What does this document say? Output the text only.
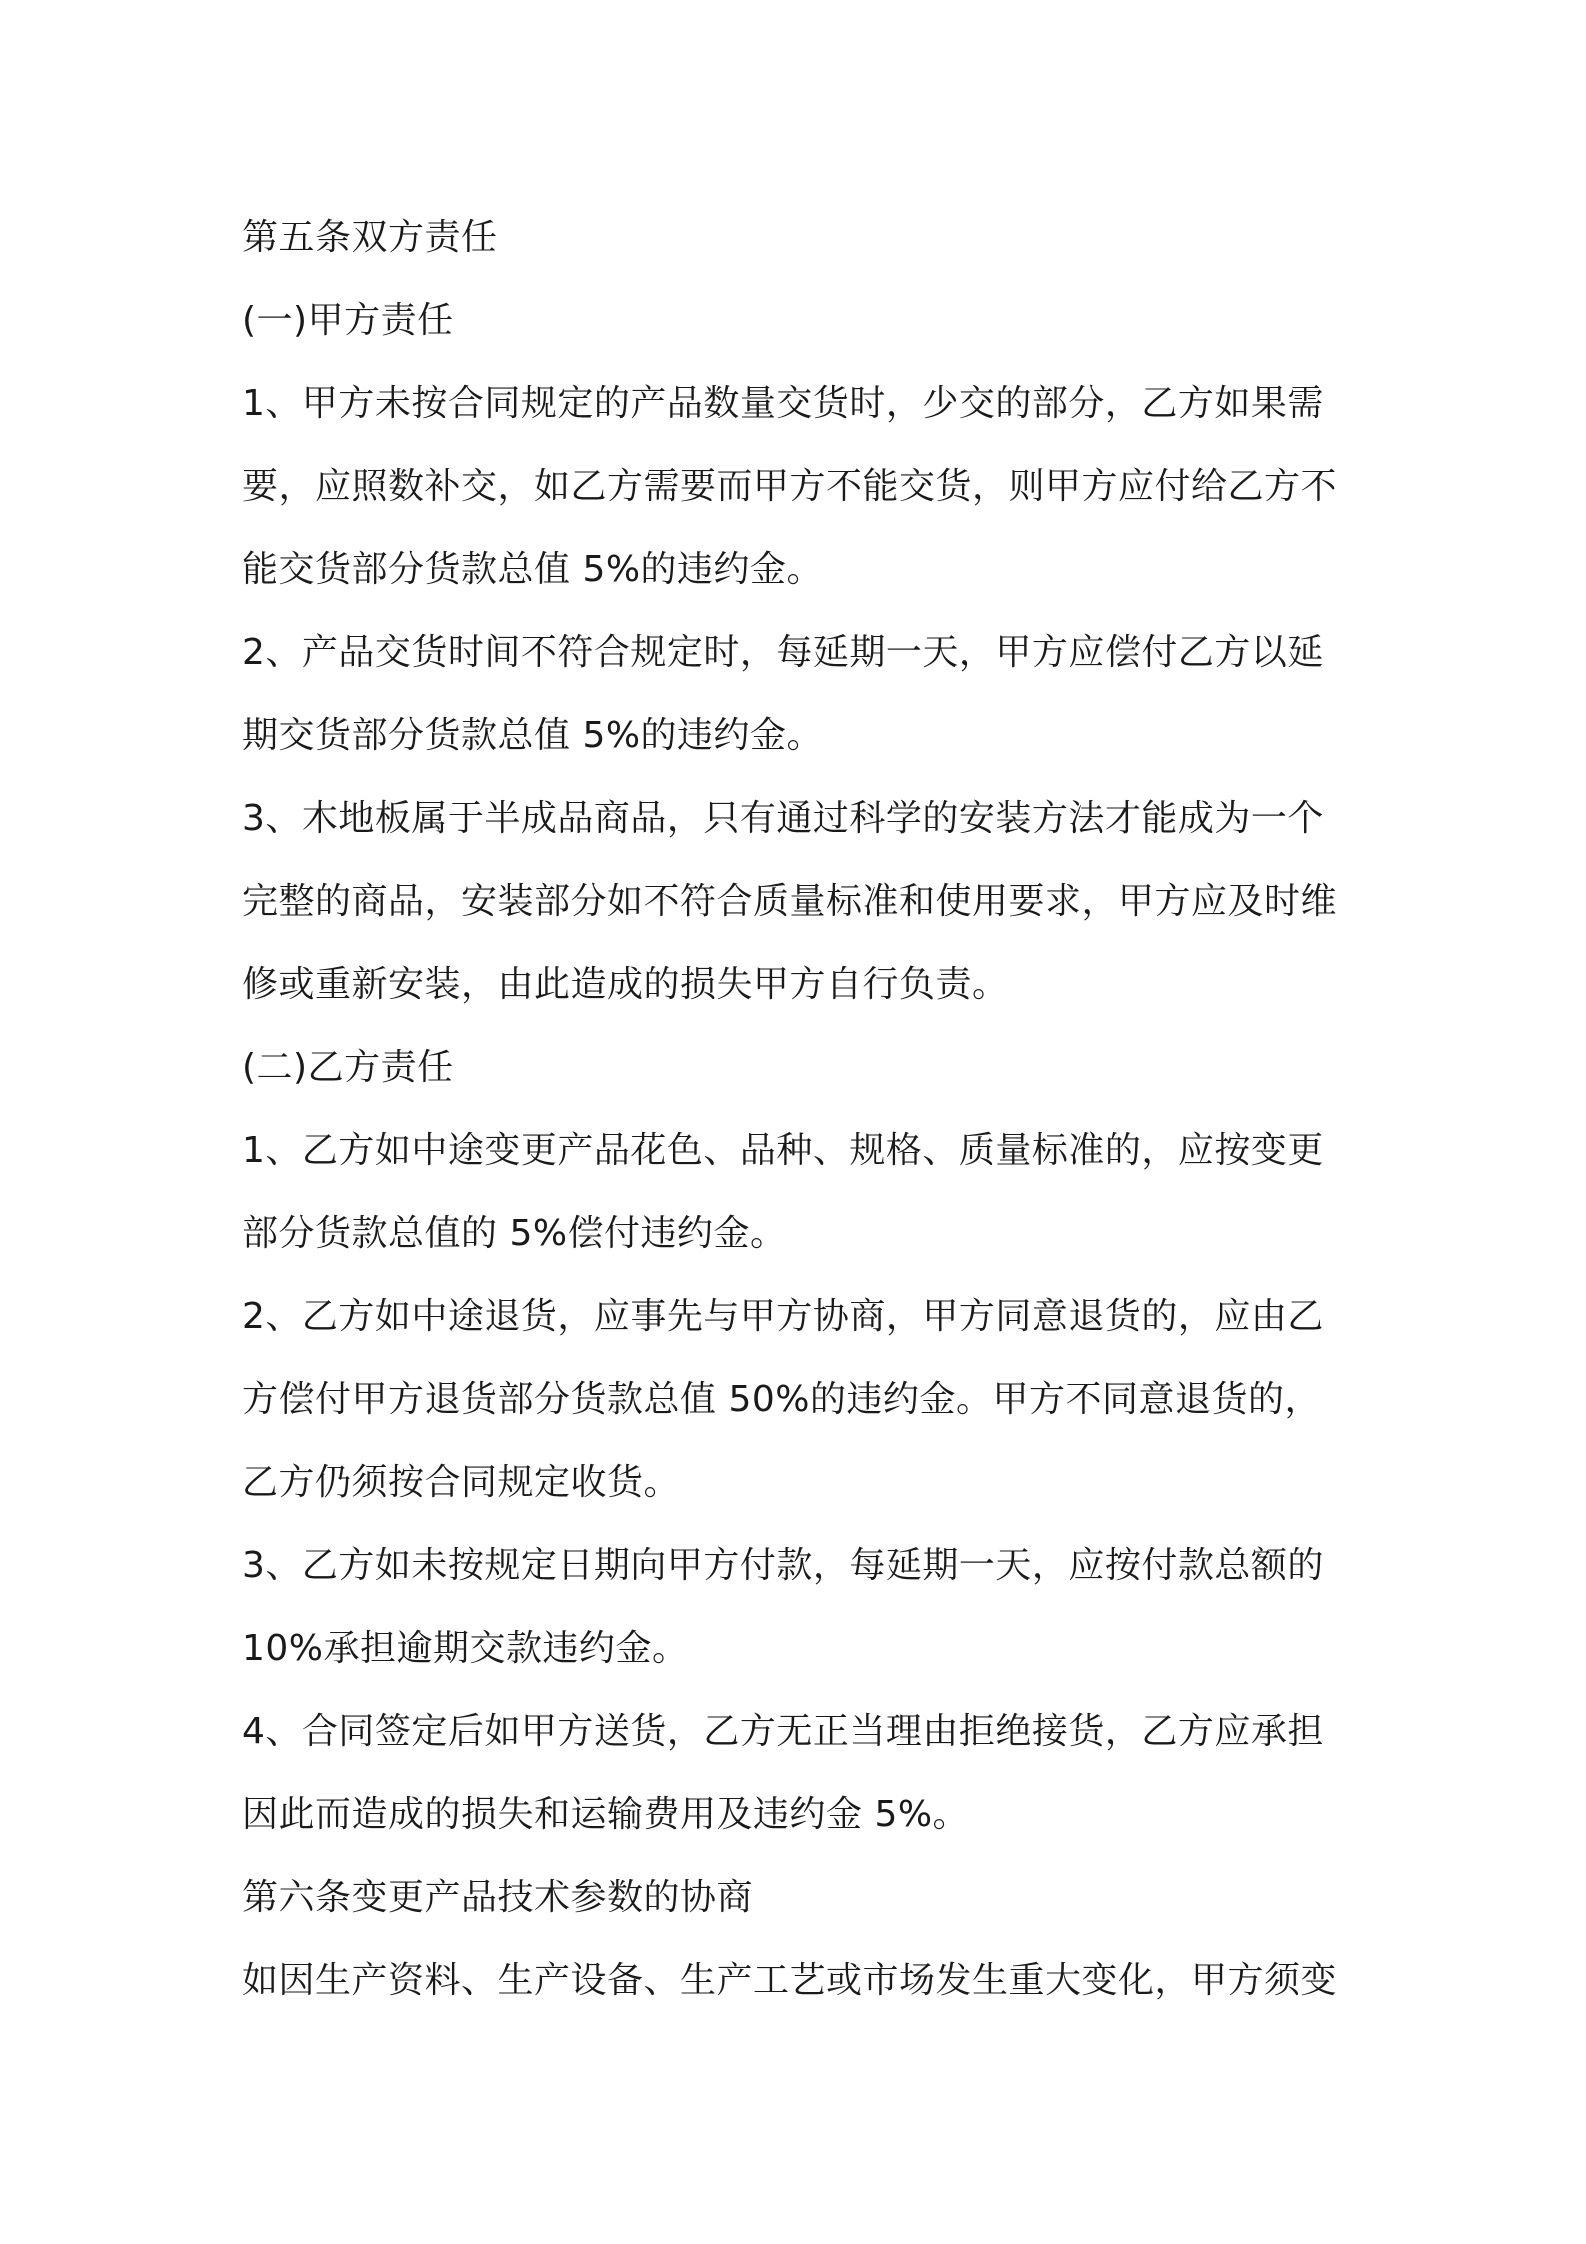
第五条双方责任
(一)甲方责任
1、甲方未按合同规定的产品数量交货时，少交的部分，乙方如果需
要，应照数补交，如乙方需要而甲方不能交货，则甲方应付给乙方不
能交货部分货款总值 5%的违约金。
2、产品交货时间不符合规定时，每延期一天，甲方应偿付乙方以延
期交货部分货款总值 5%的违约金。
3、木地板属于半成品商品，只有通过科学的安装方法才能成为一个
完整的商品，安装部分如不符合质量标准和使用要求，甲方应及时维
修或重新安装，由此造成的损失甲方自行负责。
(二)乙方责任
1、乙方如中途变更产品花色、品种、规格、质量标准的，应按变更
部分货款总值的 5%偿付违约金。
2、乙方如中途退货，应事先与甲方协商，甲方同意退货的，应由乙
方偿付甲方退货部分货款总值 50%的违约金。甲方不同意退货的，
乙方仍须按合同规定收货。
3、乙方如未按规定日期向甲方付款，每延期一天，应按付款总额的
10%承担逾期交款违约金。
4、合同签定后如甲方送货，乙方无正当理由拒绝接货，乙方应承担
因此而造成的损失和运输费用及违约金 5%。
第六条变更产品技术参数的协商
如因生产资料、生产设备、生产工艺或市场发生重大变化，甲方须变
